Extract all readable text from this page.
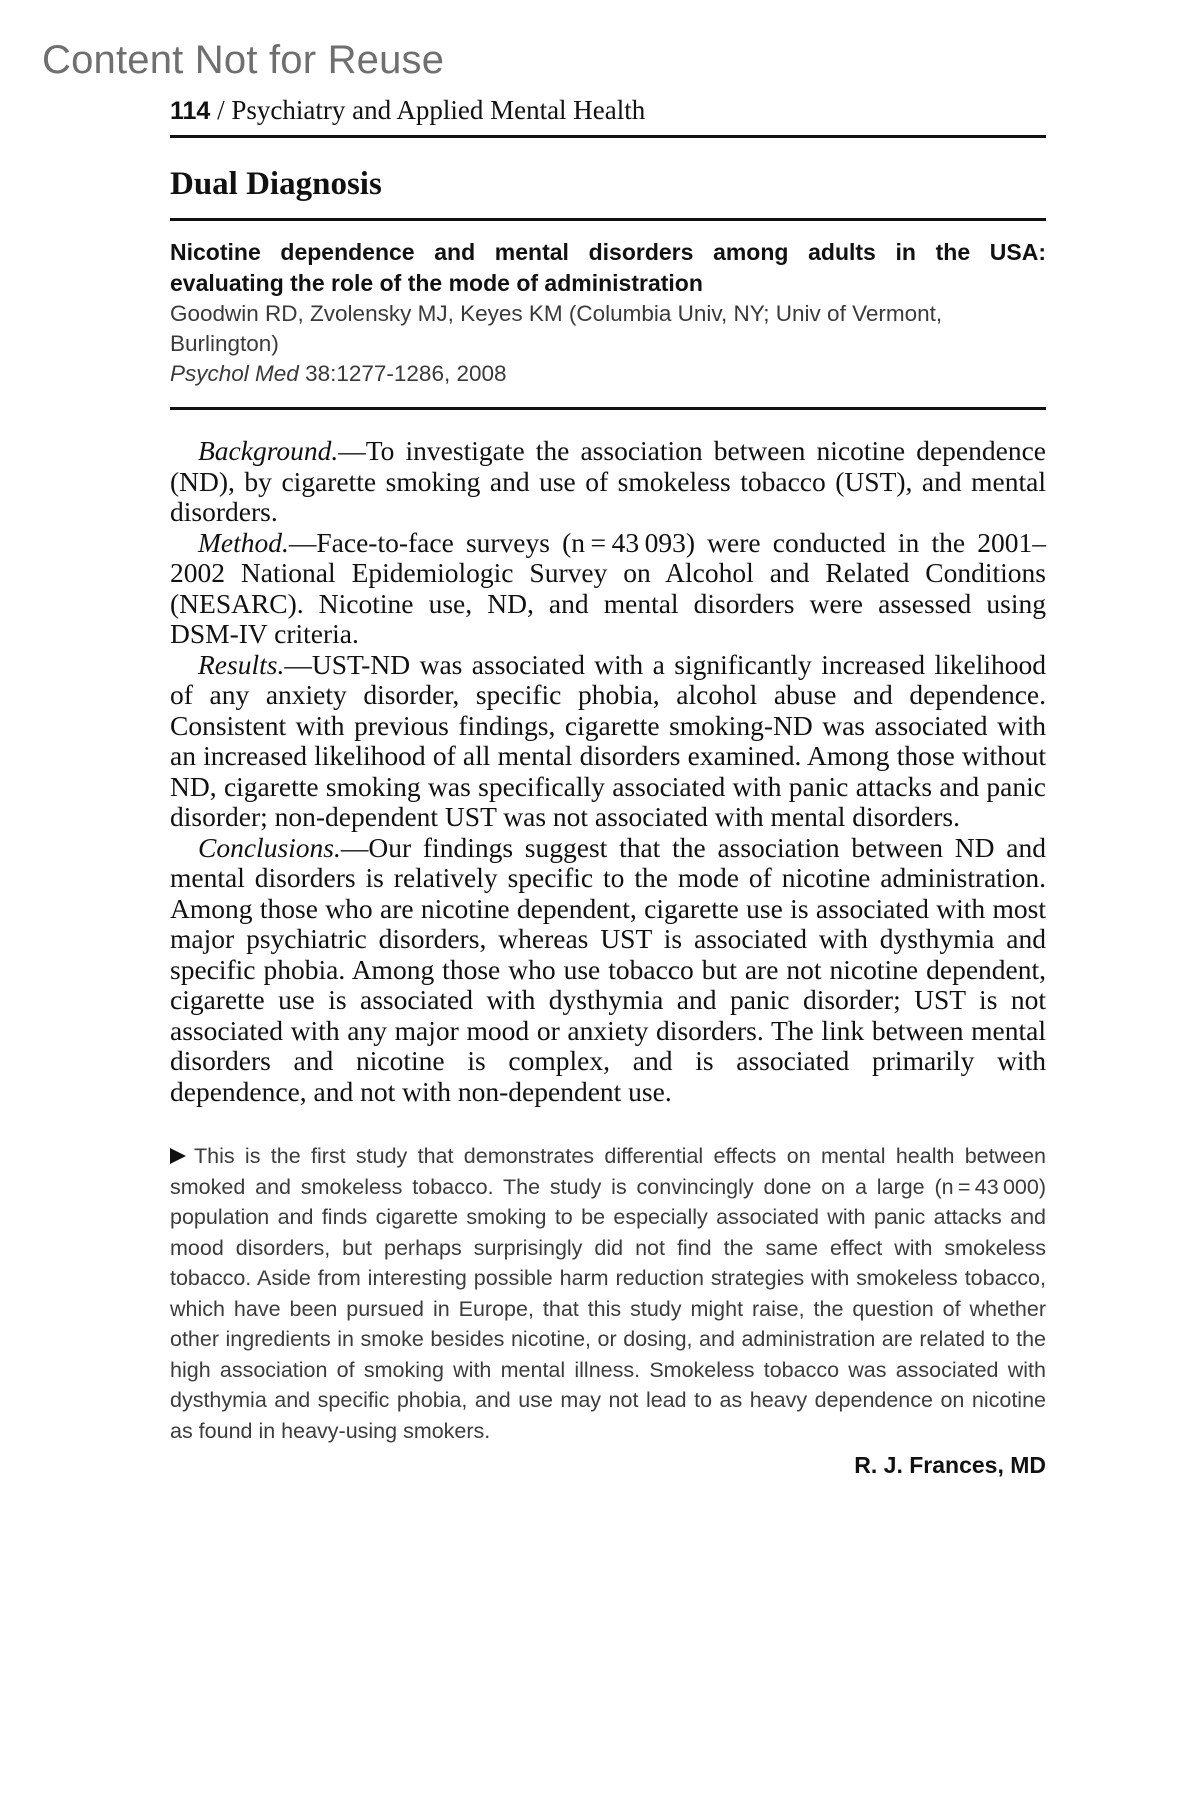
Content Not for Reuse
114 / Psychiatry and Applied Mental Health
Dual Diagnosis
Nicotine dependence and mental disorders among adults in the USA: evaluating the role of the mode of administration
Goodwin RD, Zvolensky MJ, Keyes KM (Columbia Univ, NY; Univ of Vermont, Burlington)
Psychol Med 38:1277-1286, 2008

Background.—To investigate the association between nicotine dependence (ND), by cigarette smoking and use of smokeless tobacco (UST), and mental disorders.

Method.—Face-to-face surveys (n = 43 093) were conducted in the 2001–2002 National Epidemiologic Survey on Alcohol and Related Conditions (NESARC). Nicotine use, ND, and mental disorders were assessed using DSM-IV criteria.

Results.—UST-ND was associated with a significantly increased likelihood of any anxiety disorder, specific phobia, alcohol abuse and dependence. Consistent with previous findings, cigarette smoking-ND was associated with an increased likelihood of all mental disorders examined. Among those without ND, cigarette smoking was specifically associated with panic attacks and panic disorder; non-dependent UST was not associated with mental disorders.

Conclusions.—Our findings suggest that the association between ND and mental disorders is relatively specific to the mode of nicotine administration. Among those who are nicotine dependent, cigarette use is associated with most major psychiatric disorders, whereas UST is associated with dysthymia and specific phobia. Among those who use tobacco but are not nicotine dependent, cigarette use is associated with dysthymia and panic disorder; UST is not associated with any major mood or anxiety disorders. The link between mental disorders and nicotine is complex, and is associated primarily with dependence, and not with non-dependent use.

This is the first study that demonstrates differential effects on mental health between smoked and smokeless tobacco. The study is convincingly done on a large (n = 43 000) population and finds cigarette smoking to be especially associated with panic attacks and mood disorders, but perhaps surprisingly did not find the same effect with smokeless tobacco. Aside from interesting possible harm reduction strategies with smokeless tobacco, which have been pursued in Europe, that this study might raise, the question of whether other ingredients in smoke besides nicotine, or dosing, and administration are related to the high association of smoking with mental illness. Smokeless tobacco was associated with dysthymia and specific phobia, and use may not lead to as heavy dependence on nicotine as found in heavy-using smokers.
R. J. Frances, MD
